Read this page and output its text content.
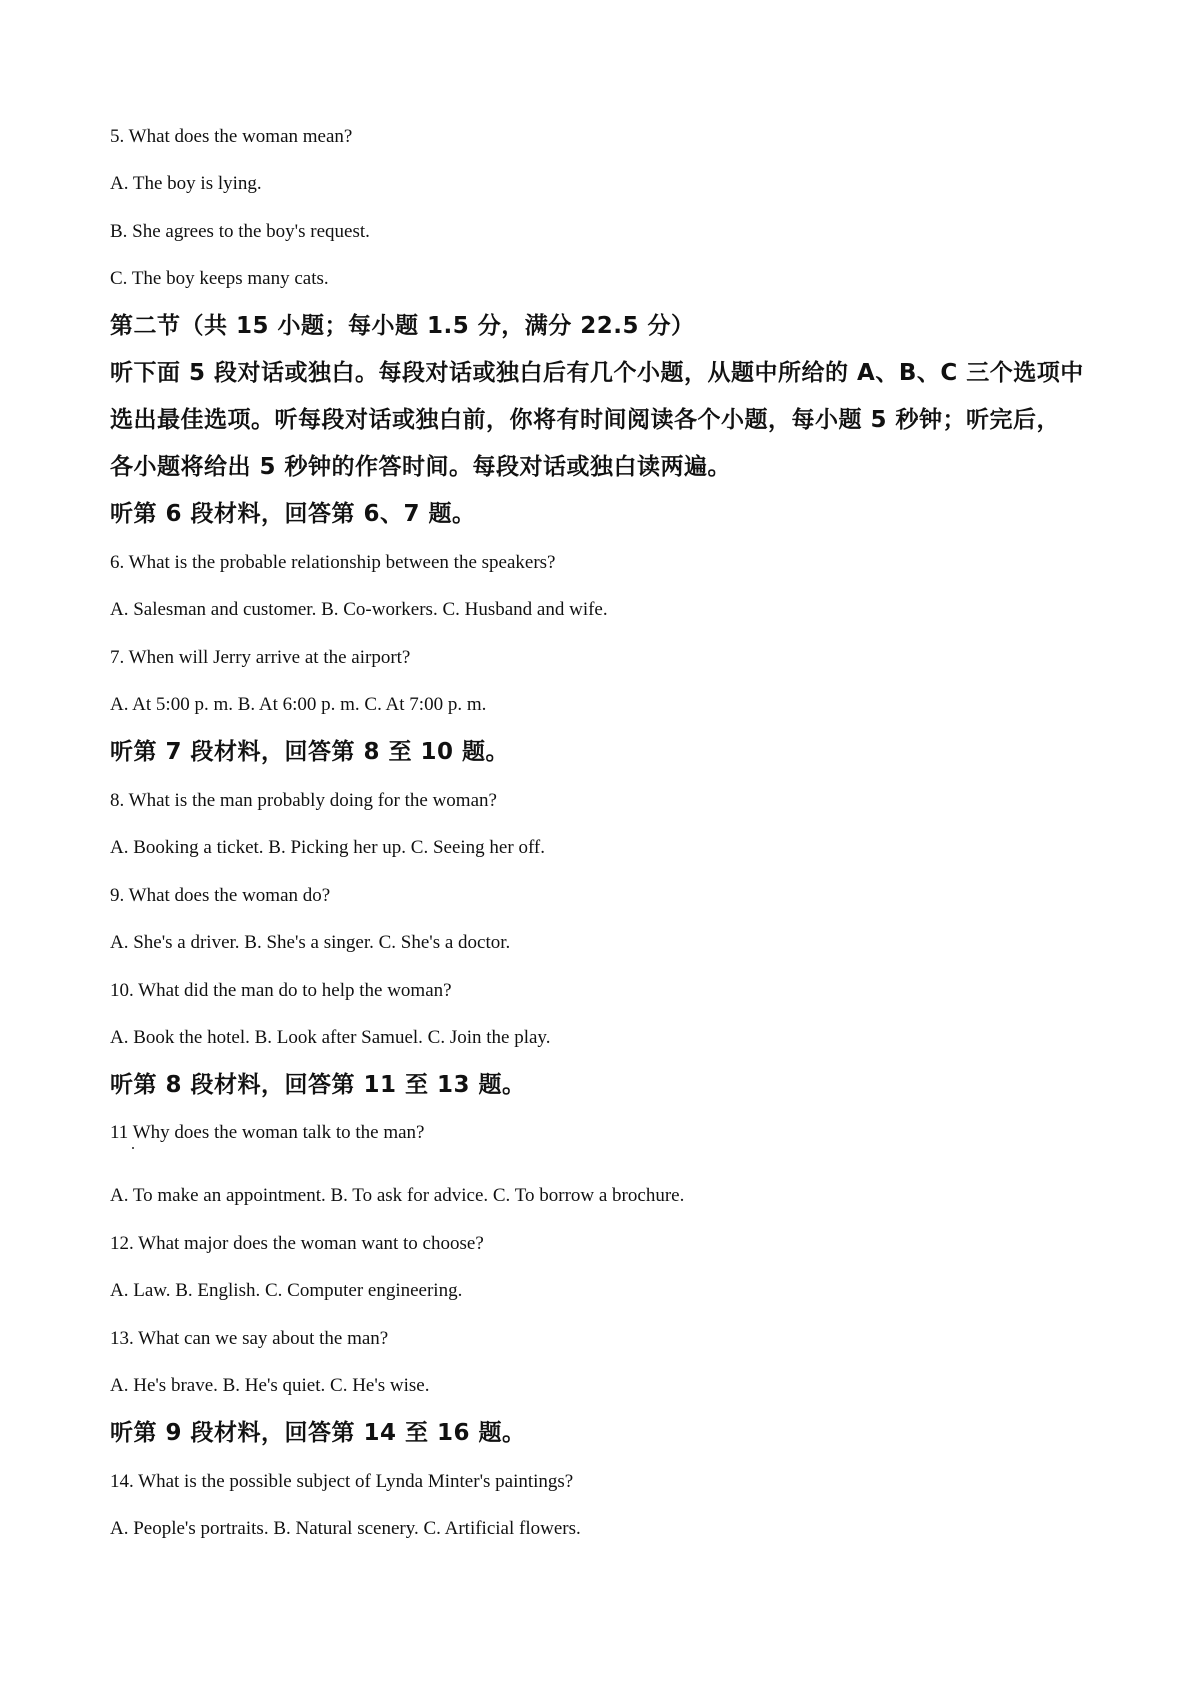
5. What does the woman mean?
A. The boy is lying.
B. She agrees to the boy's request.
C. The boy keeps many cats.
第二节（共 15 小题；每小题 1.5 分，满分 22.5 分）
听下面 5 段对话或独白。每段对话或独白后有几个小题，从题中所给的 A、B、C 三个选项中
选出最佳选项。听每段对话或独白前，你将有时间阅读各个小题，每小题 5 秒钟；听完后，
各小题将给出 5 秒钟的作答时间。每段对话或独白读两遍。
听第 6 段材料，回答第 6、7 题。
6. What is the probable relationship between the speakers?
A. Salesman and customer. B. Co-workers. C. Husband and wife.
7. When will Jerry arrive at the airport?
A. At 5:00 p. m. B. At 6:00 p. m. C. At 7:00 p. m.
听第 7 段材料，回答第 8 至 10 题。
8. What is the man probably doing for the woman?
A. Booking a ticket. B. Picking her up. C. Seeing her off.
9. What does the woman do?
A. She's a driver. B. She's a singer. C. She's a doctor.
10. What did the man do to help the woman?
A. Book the hotel. B. Look after Samuel. C. Join the play.
听第 8 段材料，回答第 11 至 13 题。
11 Why does the woman talk to the man?
A. To make an appointment. B. To ask for advice. C. To borrow a brochure.
12. What major does the woman want to choose?
A. Law. B. English. C. Computer engineering.
13. What can we say about the man?
A. He's brave. B. He's quiet. C. He's wise.
听第 9 段材料，回答第 14 至 16 题。
14. What is the possible subject of Lynda Minter's paintings?
A. People's portraits. B. Natural scenery. C. Artificial flowers.
